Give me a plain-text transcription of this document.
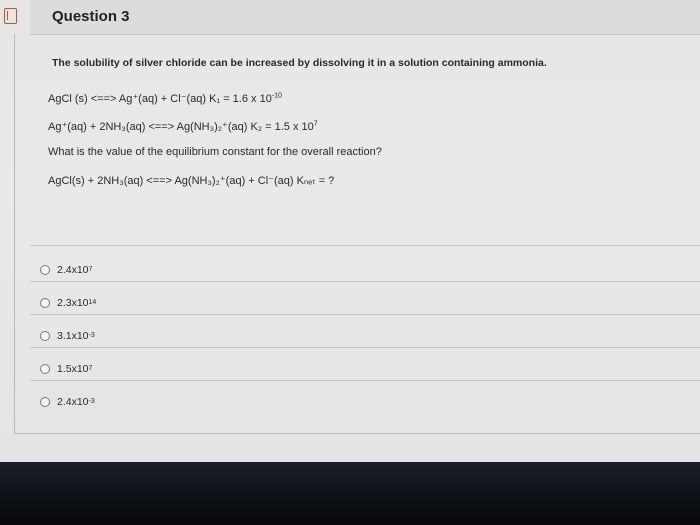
Question 3
The solubility of silver chloride can be increased by dissolving it in a solution containing ammonia.
AgCl (s) <==> Ag⁺(aq) + Cl⁻(aq) K₁ = 1.6 x $10^{-10}$
Ag⁺(aq) + 2NH₃(aq) <==> Ag(NH₃)₂⁺(aq) K₂ = 1.5 x $10^7$
What is the value of the equilibrium constant for the overall reaction?
AgCl(s) + 2NH₃(aq) <==> Ag(NH₃)₂⁺(aq) + Cl⁻(aq) Kₙₑₜ = ?
2.4x10 7
2.3x10 14
3.1x10 -3
1.5x10 7
2.4x10 -3
